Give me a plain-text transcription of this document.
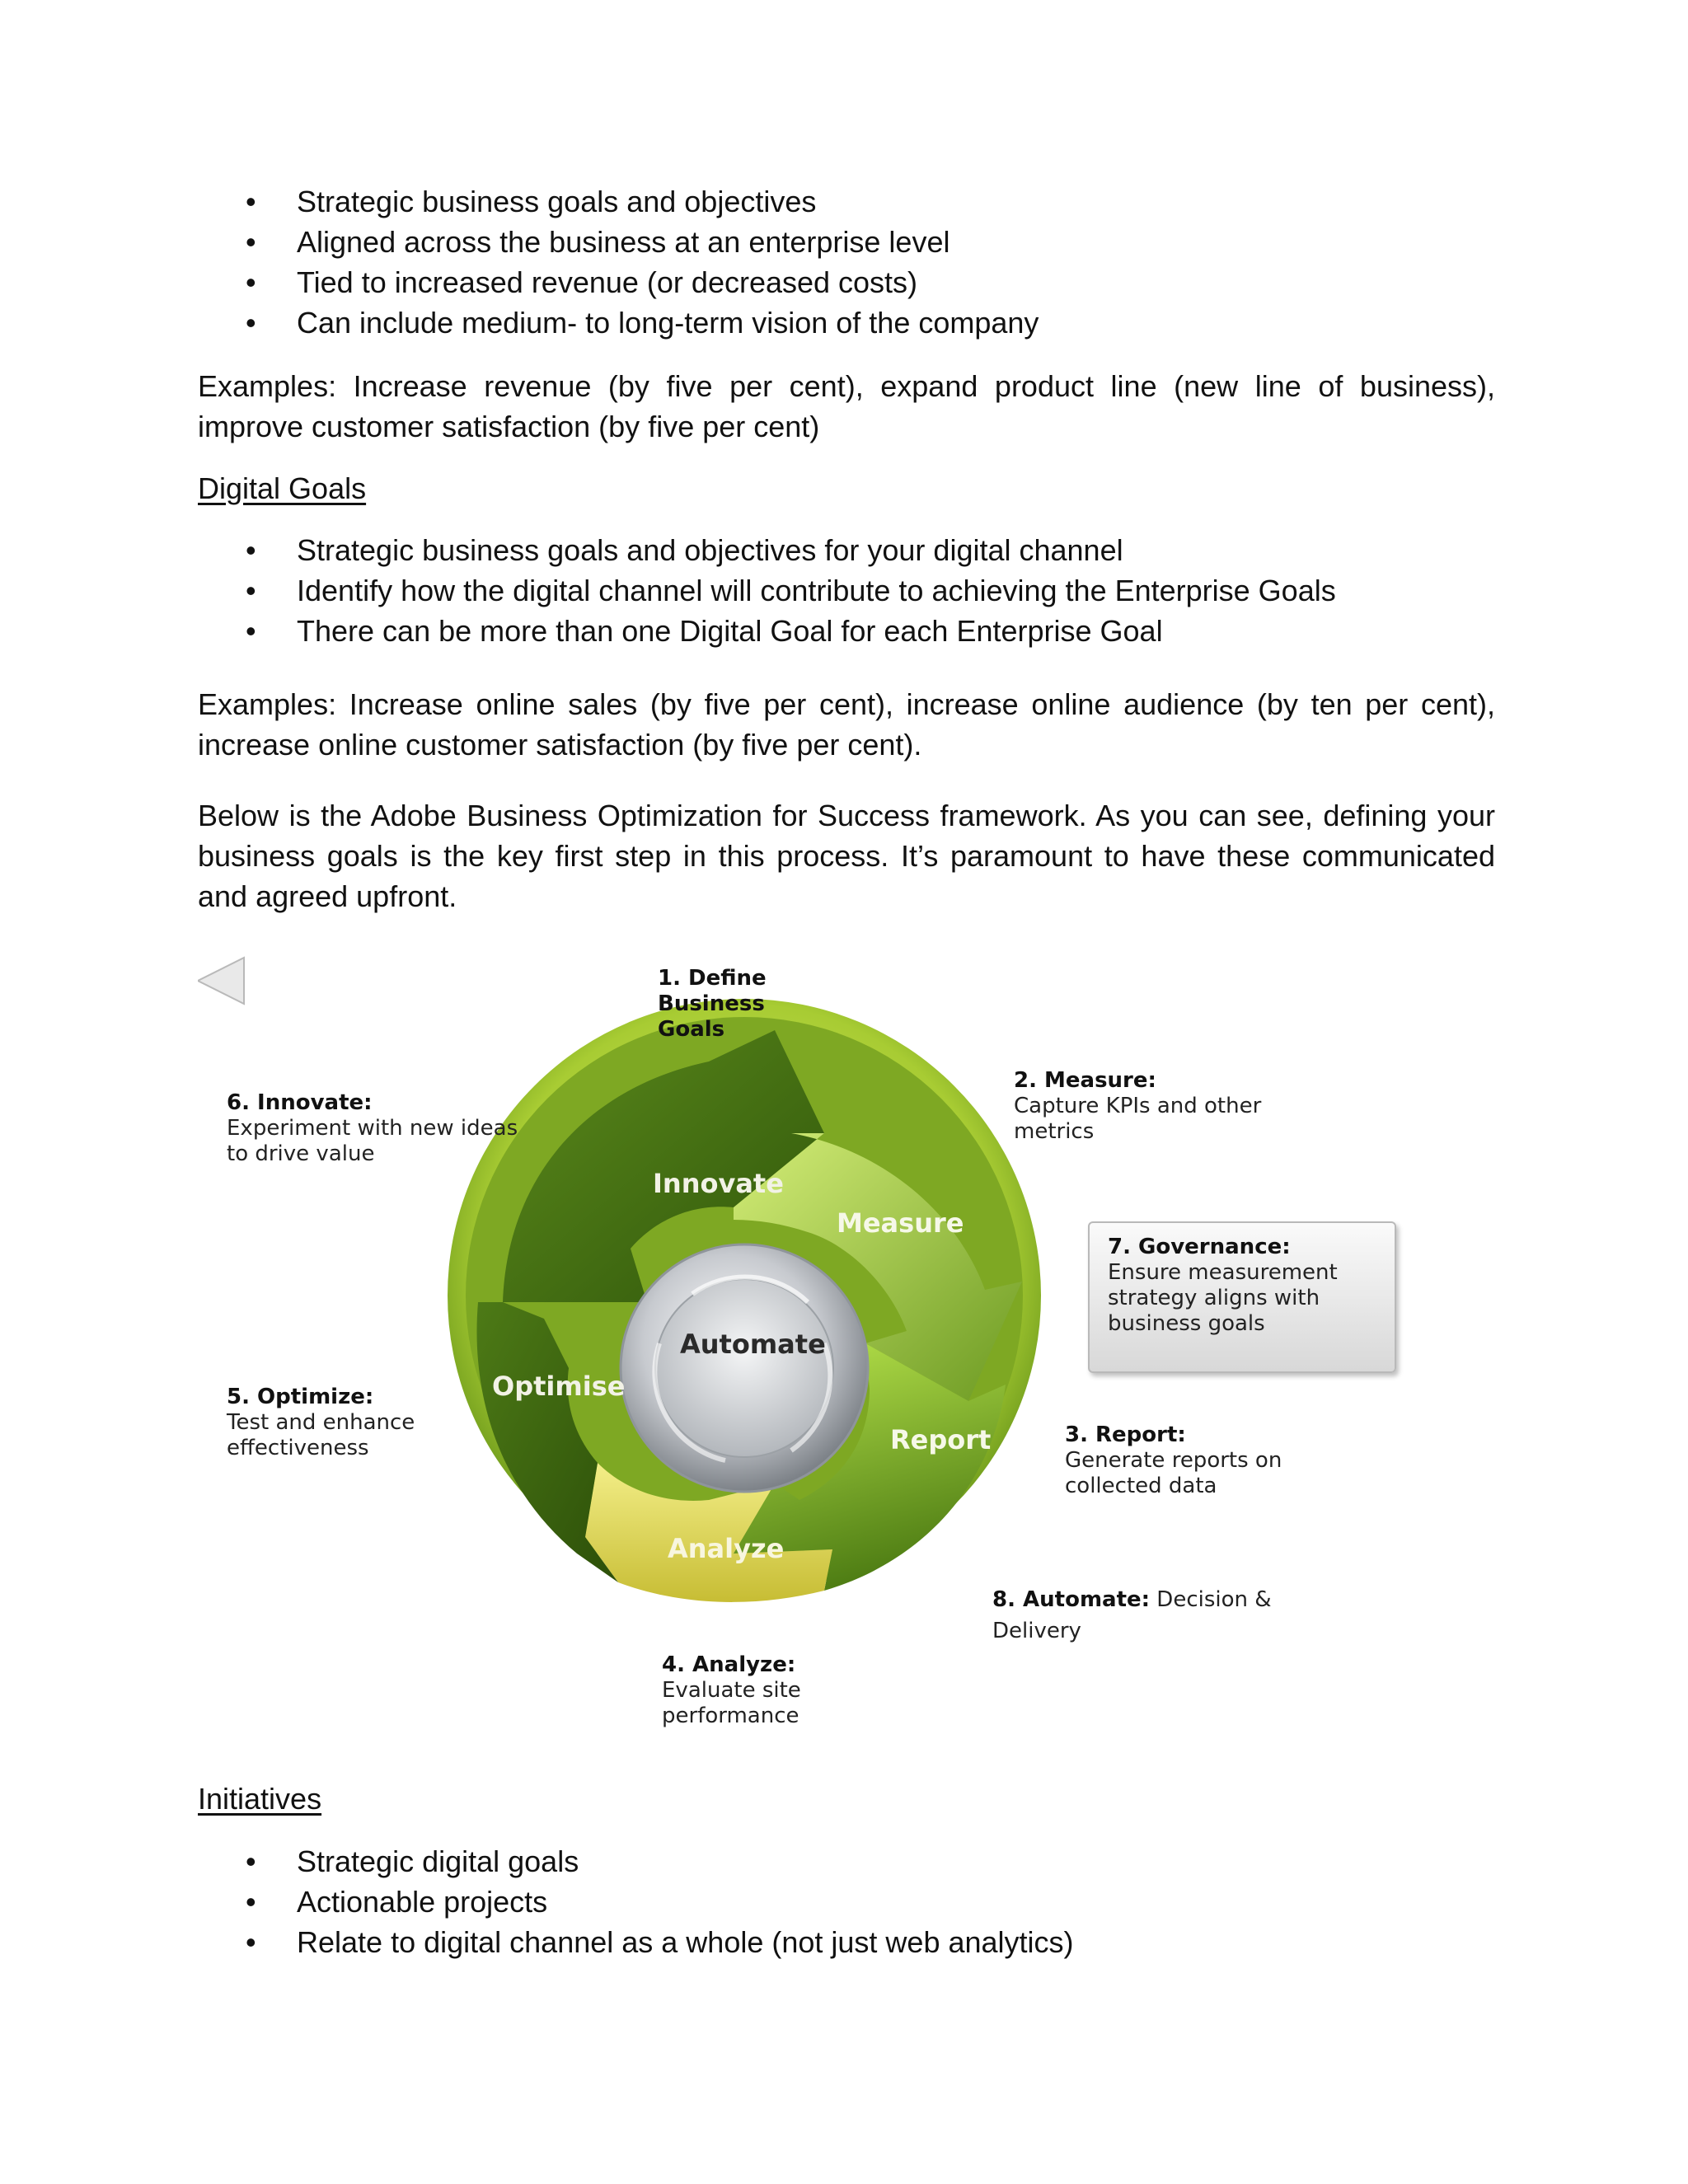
• Strategic business goals and objectives
• Aligned across the business at an enterprise level
• Tied to increased revenue (or decreased costs)
• Can include medium- to long-term vision of the company

Examples: Increase revenue (by five per cent), expand product line (new line of business), improve customer satisfaction (by five per cent)

Digital Goals
• Strategic business goals and objectives for your digital channel
• Identify how the digital channel will contribute to achieving the Enterprise Goals
• There can be more than one Digital Goal for each Enterprise Goal

Examples: Increase online sales (by five per cent), increase online audience (by ten per cent), increase online customer satisfaction (by five per cent).

Below is the Adobe Business Optimization for Success framework. As you can see, defining your business goals is the key first step in this process. It’s paramount to have these communicated and agreed upfront.

Innovate
Measure
Report
Analyze
Optimise
Automate
1. Define
Business
Goals
2. Measure:
Capture KPIs and other
metrics
6. Innovate:
Experiment with new ideas
to drive value
7. Governance:
Ensure measurement
strategy aligns with
business goals
5. Optimize:
Test and enhance
effectiveness
3. Report:
Generate reports on
collected data
8. Automate: Decision &
Delivery
4. Analyze:
Evaluate site
performance
Initiatives
• Strategic digital goals
• Actionable projects
• Relate to digital channel as a whole (not just web analytics)
